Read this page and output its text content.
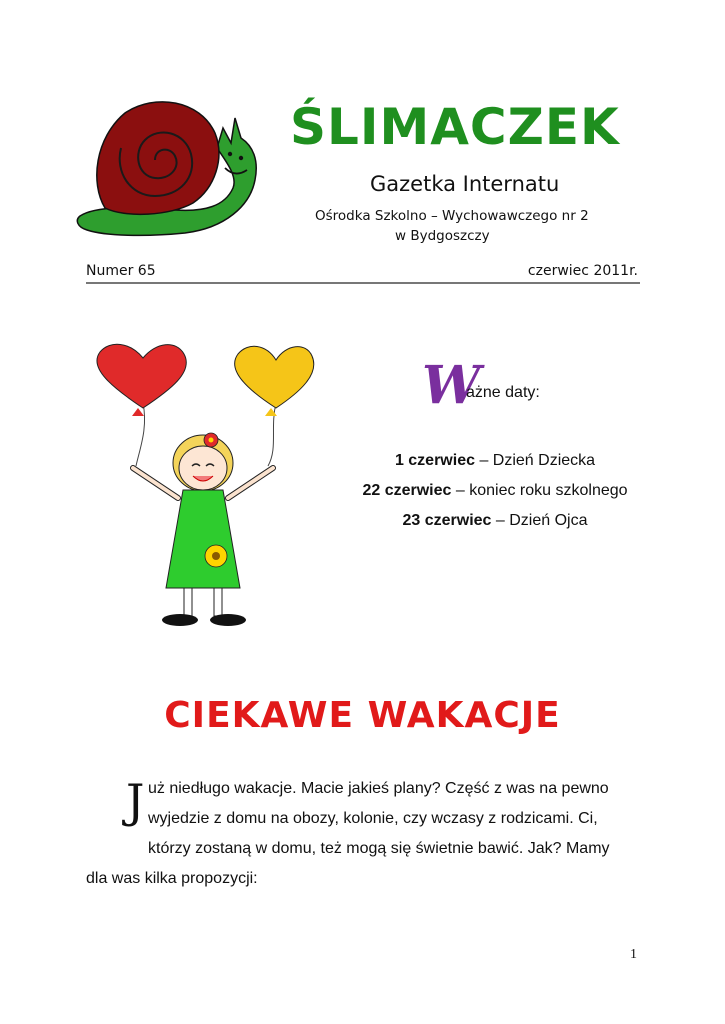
ŚLIMACZEK
Gazetka Internatu
Ośrodka Szkolno – Wychowawczego nr 2
w Bydgoszczy
Numer 65	czerwiec 2011r.
W
ażne daty:
1 czerwiec – Dzień Dziecka
22 czerwiec – koniec roku szkolnego
23 czerwiec – Dzień Ojca
CIEKAWE WAKACJE
J uż niedługo wakacje. Macie jakieś plany? Część z was na pewno
wyjedzie z domu na obozy, kolonie, czy wczasy z rodzicami. Ci,
którzy zostaną w domu, też mogą się świetnie bawić. Jak? Mamy
dla was kilka propozycji:
1
